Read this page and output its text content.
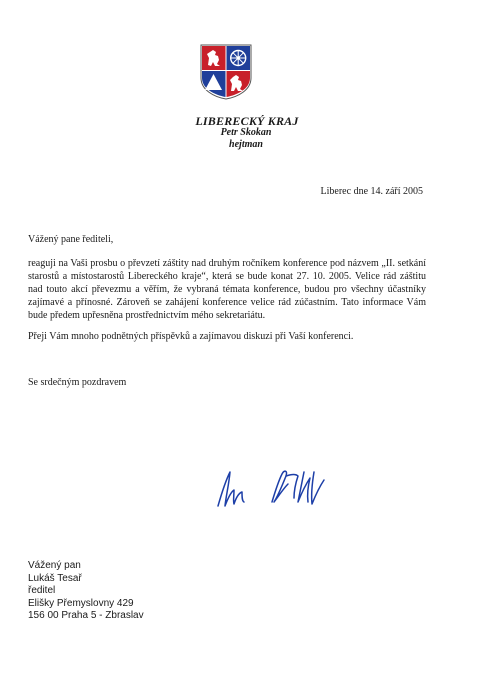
LIBERECKÝ KRAJ
Petr Skokan
hejtman
Liberec dne 14. září 2005
Vážený pane řediteli,

reaguji na Vaši prosbu o převzetí záštity nad druhým ročníkem konference pod názvem „II. setkání starostů a místostarostů Libereckého kraje“, která se bude konat 27. 10. 2005. Velice rád záštitu nad touto akcí převezmu a věřím, že vybraná témata konference, budou pro všechny účastníky zajímavé a přínosné. Zároveň se zahájení konference velice rád zúčastním. Tato informace Vám bude předem upřesněna prostřednictvím mého sekretariátu.

Přeji Vám mnoho podnětných příspěvků a zajímavou diskuzi při Vaší konferenci.

Se srdečným pozdravem
Vážený pan
Lukáš Tesař
ředitel
Elišky Přemyslovny 429
156 00 Praha 5 - Zbraslav
